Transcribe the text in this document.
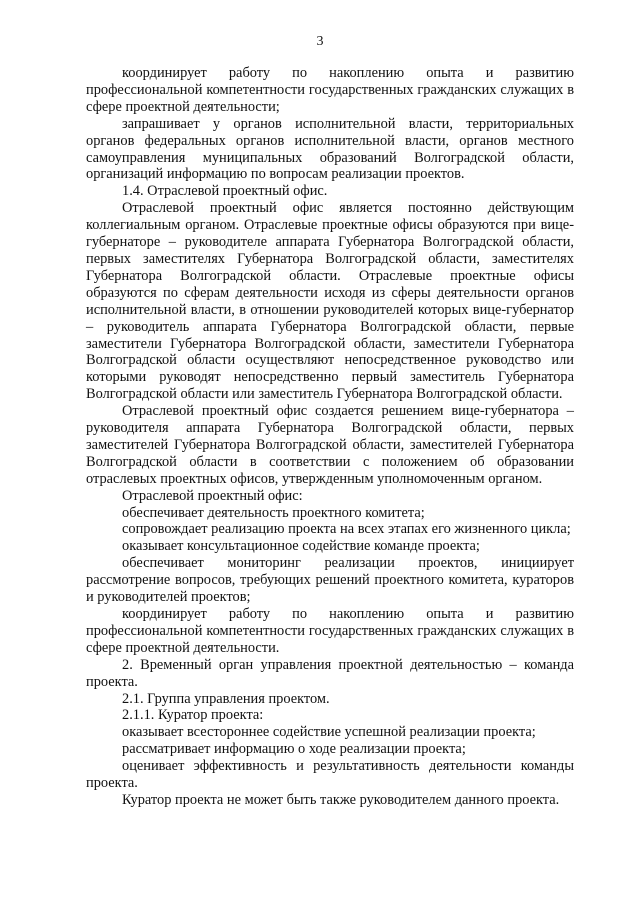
3

координирует работу по накоплению опыта и развитию профессиональной компетентности государственных гражданских служащих в сфере проектной деятельности;

запрашивает у органов исполнительной власти, территориальных органов федеральных органов исполнительной власти, органов местного самоуправления муниципальных образований Волгоградской области, организаций информацию по вопросам реализации проектов.

1.4. Отраслевой проектный офис.

Отраслевой проектный офис является постоянно действующим коллегиальным органом. Отраслевые проектные офисы образуются при вице-губернаторе – руководителе аппарата Губернатора Волгоградской области, первых заместителях Губернатора Волгоградской области, заместителях Губернатора Волгоградской области. Отраслевые проектные офисы образуются по сферам деятельности исходя из сферы деятельности органов исполнительной власти, в отношении руководителей которых вице-губернатор – руководитель аппарата Губернатора Волгоградской области, первые заместители Губернатора Волгоградской области, заместители Губернатора Волгоградской области осуществляют непосредственное руководство или которыми руководят непосредственно первый заместитель Губернатора Волгоградской области или заместитель Губернатора Волгоградской области.

Отраслевой проектный офис создается решением вице-губернатора – руководителя аппарата Губернатора Волгоградской области, первых заместителей Губернатора Волгоградской области, заместителей Губернатора Волгоградской области в соответствии с положением об образовании отраслевых проектных офисов, утвержденным уполномоченным органом.

Отраслевой проектный офис:

обеспечивает деятельность проектного комитета;

сопровождает реализацию проекта на всех этапах его жизненного цикла;

оказывает консультационное содействие команде проекта;

обеспечивает мониторинг реализации проектов, инициирует рассмотрение вопросов, требующих решений проектного комитета, кураторов и руководителей проектов;

координирует работу по накоплению опыта и развитию профессиональной компетентности государственных гражданских служащих в сфере проектной деятельности.

2. Временный орган управления проектной деятельностью – команда проекта.

2.1. Группа управления проектом.

2.1.1. Куратор проекта:

оказывает всестороннее содействие успешной реализации проекта;

рассматривает информацию о ходе реализации проекта;

оценивает эффективность и результативность деятельности команды проекта.

Куратор проекта не может быть также руководителем данного проекта.
